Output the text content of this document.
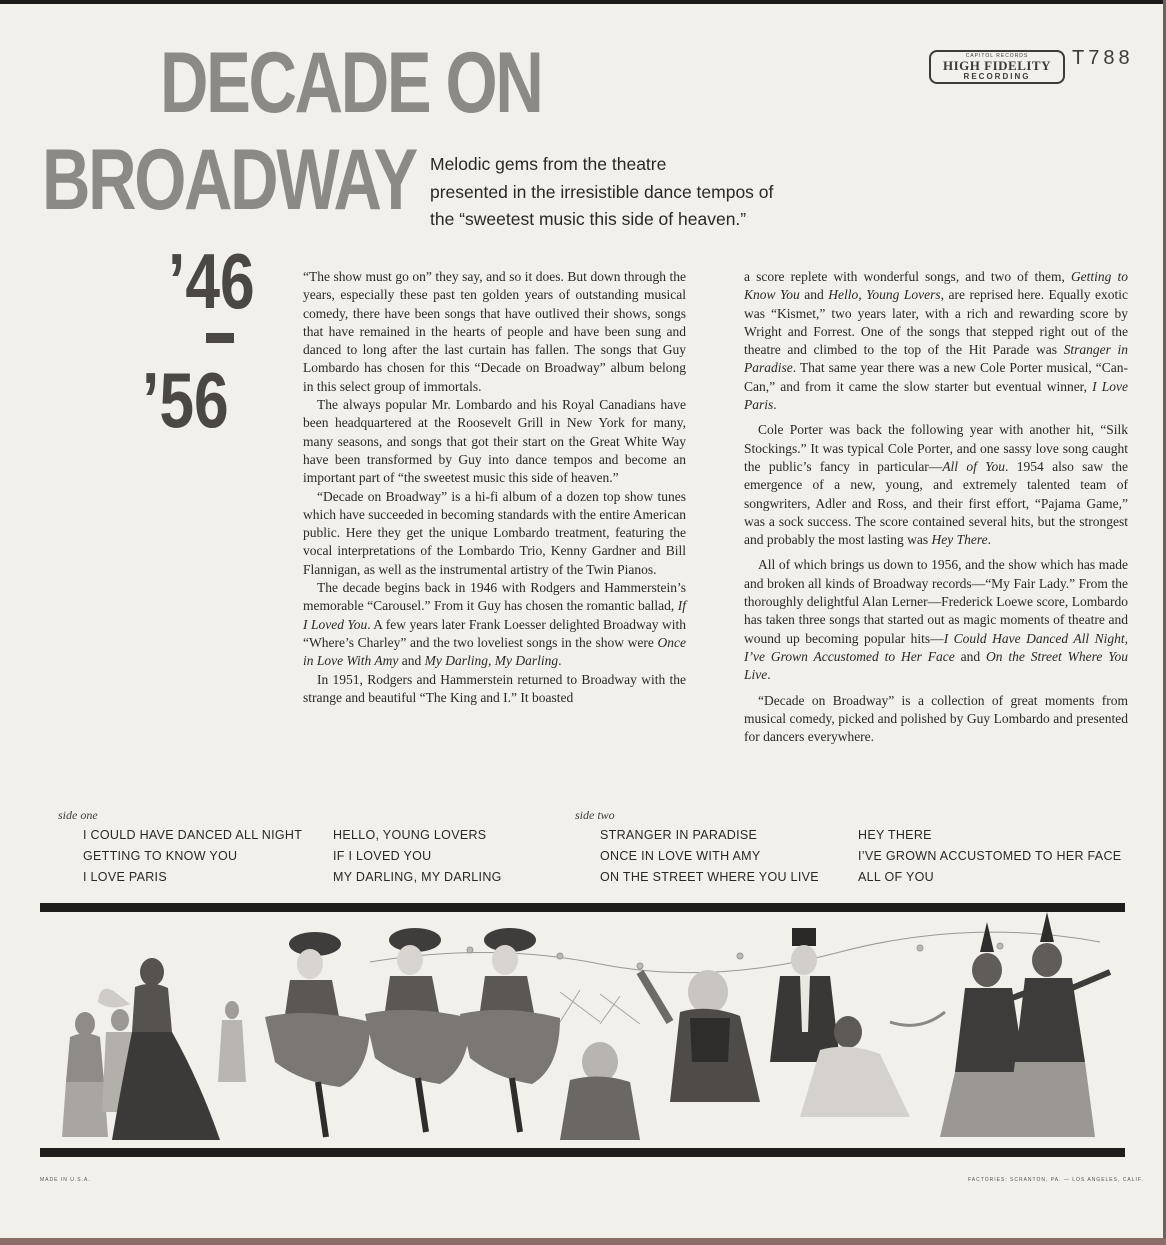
DECADE ON
BROADWAY
’46
’56
CAPITOL RECORDS
HIGH FIDELITY
RECORDING
T788
Melodic gems from the theatre
presented in the irresistible dance tempos of
the “sweetest music this side of heaven.”

“The show must go on” they say, and so it does. But down through the years, especially these past ten golden years of outstanding musical comedy, there have been songs that have outlived their shows, songs that have remained in the hearts of people and have been sung and danced to long after the last curtain has fallen. The songs that Guy Lombardo has chosen for this “Decade on Broadway” album belong in this select group of immortals.

The always popular Mr. Lombardo and his Royal Canadians have been headquartered at the Roosevelt Grill in New York for many, many seasons, and songs that got their start on the Great White Way have been transformed by Guy into dance tempos and become an important part of “the sweetest music this side of heaven.”

“Decade on Broadway” is a hi-fi album of a dozen top show tunes which have succeeded in becoming standards with the entire American public. Here they get the unique Lombardo treatment, featuring the vocal interpretations of the Lombardo Trio, Kenny Gardner and Bill Flannigan, as well as the instrumental artistry of the Twin Pianos.

The decade begins back in 1946 with Rodgers and Hammerstein’s memorable “Carousel.” From it Guy has chosen the romantic ballad, If I Loved You. A few years later Frank Loesser delighted Broadway with “Where’s Charley” and the two loveliest songs in the show were Once in Love With Amy and My Darling, My Darling.

In 1951, Rodgers and Hammerstein returned to Broadway with the strange and beautiful “The King and I.” It boasted

a score replete with wonderful songs, and two of them, Getting to Know You and Hello, Young Lovers, are reprised here. Equally exotic was “Kismet,” two years later, with a rich and rewarding score by Wright and Forrest. One of the songs that stepped right out of the theatre and climbed to the top of the Hit Parade was Stranger in Paradise. That same year there was a new Cole Porter musical, “Can-Can,” and from it came the slow starter but eventual winner, I Love Paris.

Cole Porter was back the following year with another hit, “Silk Stockings.” It was typical Cole Porter, and one sassy love song caught the public’s fancy in particular—All of You. 1954 also saw the emergence of a new, young, and extremely talented team of songwriters, Adler and Ross, and their first effort, “Pajama Game,” was a sock success. The score contained several hits, but the strongest and probably the most lasting was Hey There.

All of which brings us down to 1956, and the show which has made and broken all kinds of Broadway records—“My Fair Lady.” From the thoroughly delightful Alan Lerner—Frederick Loewe score, Lombardo has taken three songs that started out as magic moments of theatre and wound up becoming popular hits—I Could Have Danced All Night, I’ve Grown Accustomed to Her Face and On the Street Where You Live.

“Decade on Broadway” is a collection of great moments from musical comedy, picked and polished by Guy Lombardo and presented for dancers everywhere.

side one	side two
I COULD HAVE DANCED ALL NIGHT
GETTING TO KNOW YOU
I LOVE PARIS
HELLO, YOUNG LOVERS
IF I LOVED YOU
MY DARLING, MY DARLING
STRANGER IN PARADISE
ONCE IN LOVE WITH AMY
ON THE STREET WHERE YOU LIVE
HEY THERE
I’VE GROWN ACCUSTOMED TO HER FACE
ALL OF YOU
MADE IN U.S.A.	FACTORIES: SCRANTON, PA. — LOS ANGELES, CALIF.
